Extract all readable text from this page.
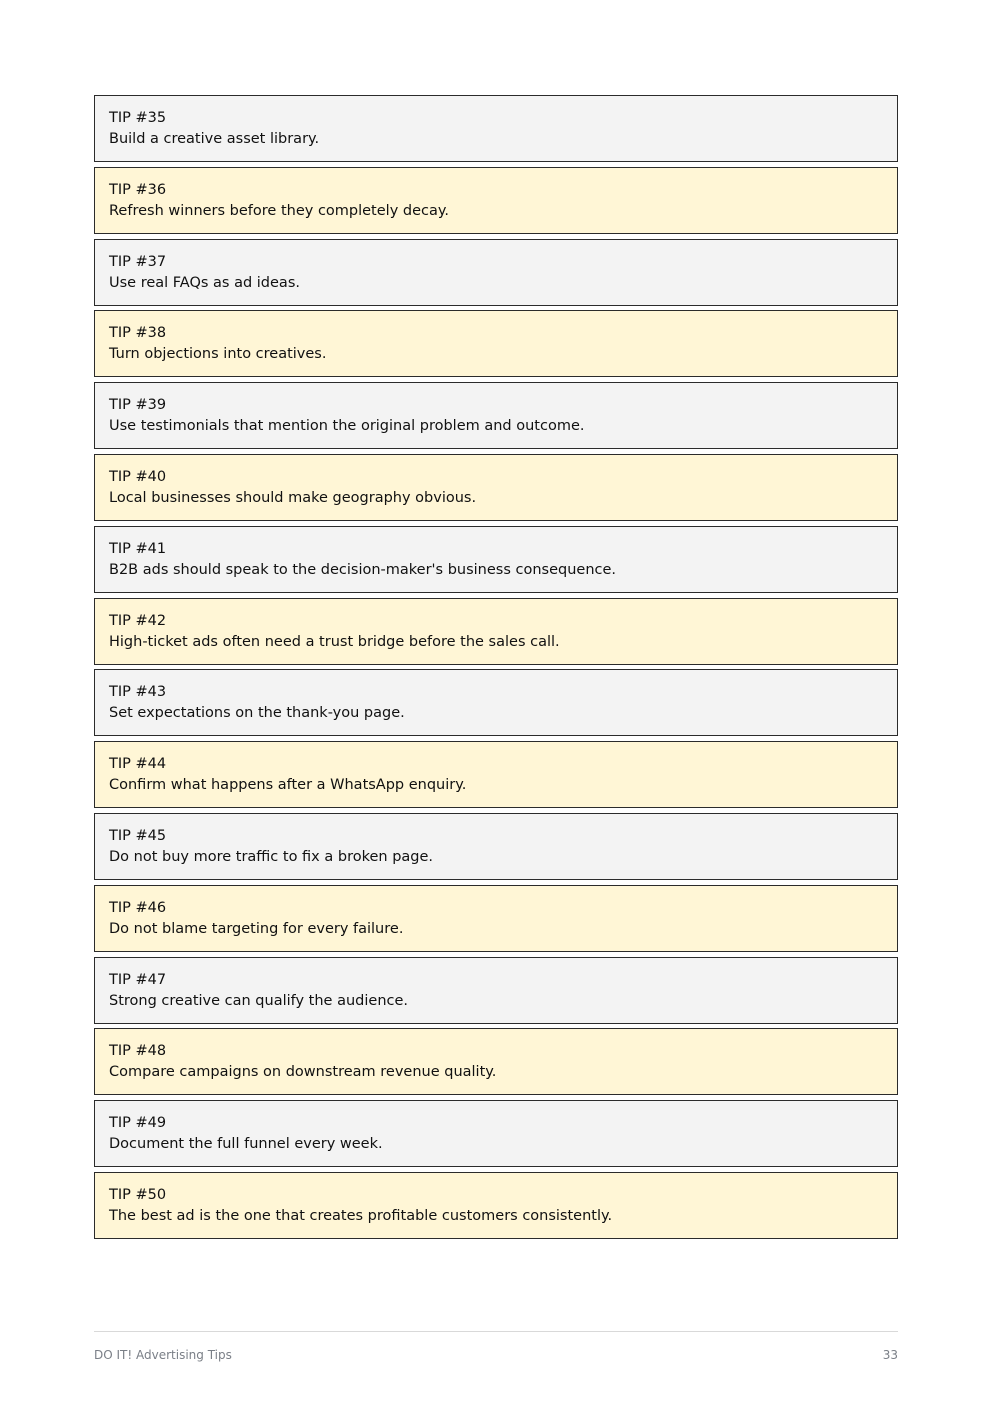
TIP #35
Build a creative asset library.
TIP #36
Refresh winners before they completely decay.
TIP #37
Use real FAQs as ad ideas.
TIP #38
Turn objections into creatives.
TIP #39
Use testimonials that mention the original problem and outcome.
TIP #40
Local businesses should make geography obvious.
TIP #41
B2B ads should speak to the decision-maker's business consequence.
TIP #42
High-ticket ads often need a trust bridge before the sales call.
TIP #43
Set expectations on the thank-you page.
TIP #44
Confirm what happens after a WhatsApp enquiry.
TIP #45
Do not buy more traffic to fix a broken page.
TIP #46
Do not blame targeting for every failure.
TIP #47
Strong creative can qualify the audience.
TIP #48
Compare campaigns on downstream revenue quality.
TIP #49
Document the full funnel every week.
TIP #50
The best ad is the one that creates profitable customers consistently.
DO IT! Advertising Tips	33
